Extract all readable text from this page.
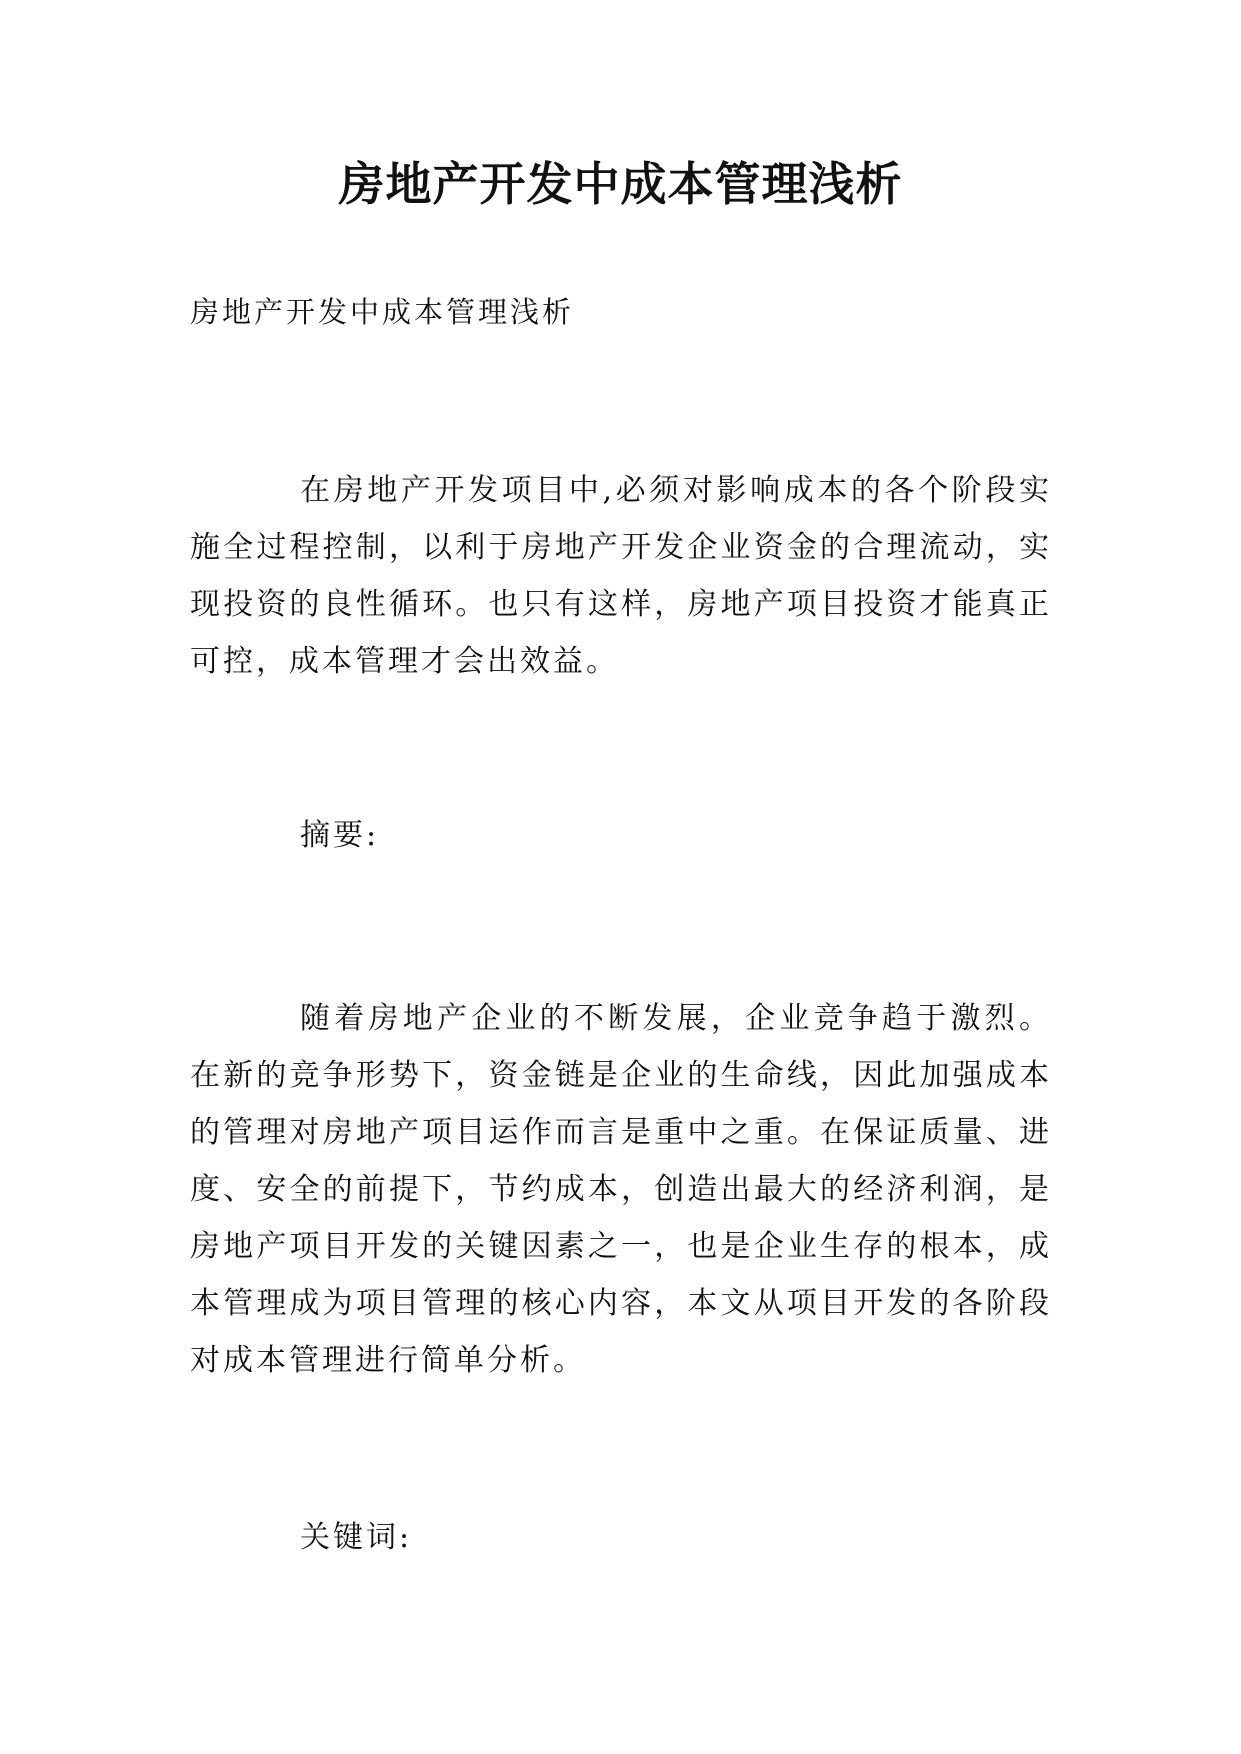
房地产开发中成本管理浅析

房地产开发中成本管理浅析

在房地产开发项目中,必须对影响成本的各个阶段实施全过程控制，以利于房地产开发企业资金的合理流动，实现投资的良性循环。也只有这样，房地产项目投资才能真正可控，成本管理才会出效益。

摘要:

随着房地产企业的不断发展，企业竞争趋于激烈。在新的竞争形势下，资金链是企业的生命线，因此加强成本的管理对房地产项目运作而言是重中之重。在保证质量、进度、安全的前提下，节约成本，创造出最大的经济利润，是房地产项目开发的关键因素之一，也是企业生存的根本，成本管理成为项目管理的核心内容，本文从项目开发的各阶段对成本管理进行简单分析。

关键词:
